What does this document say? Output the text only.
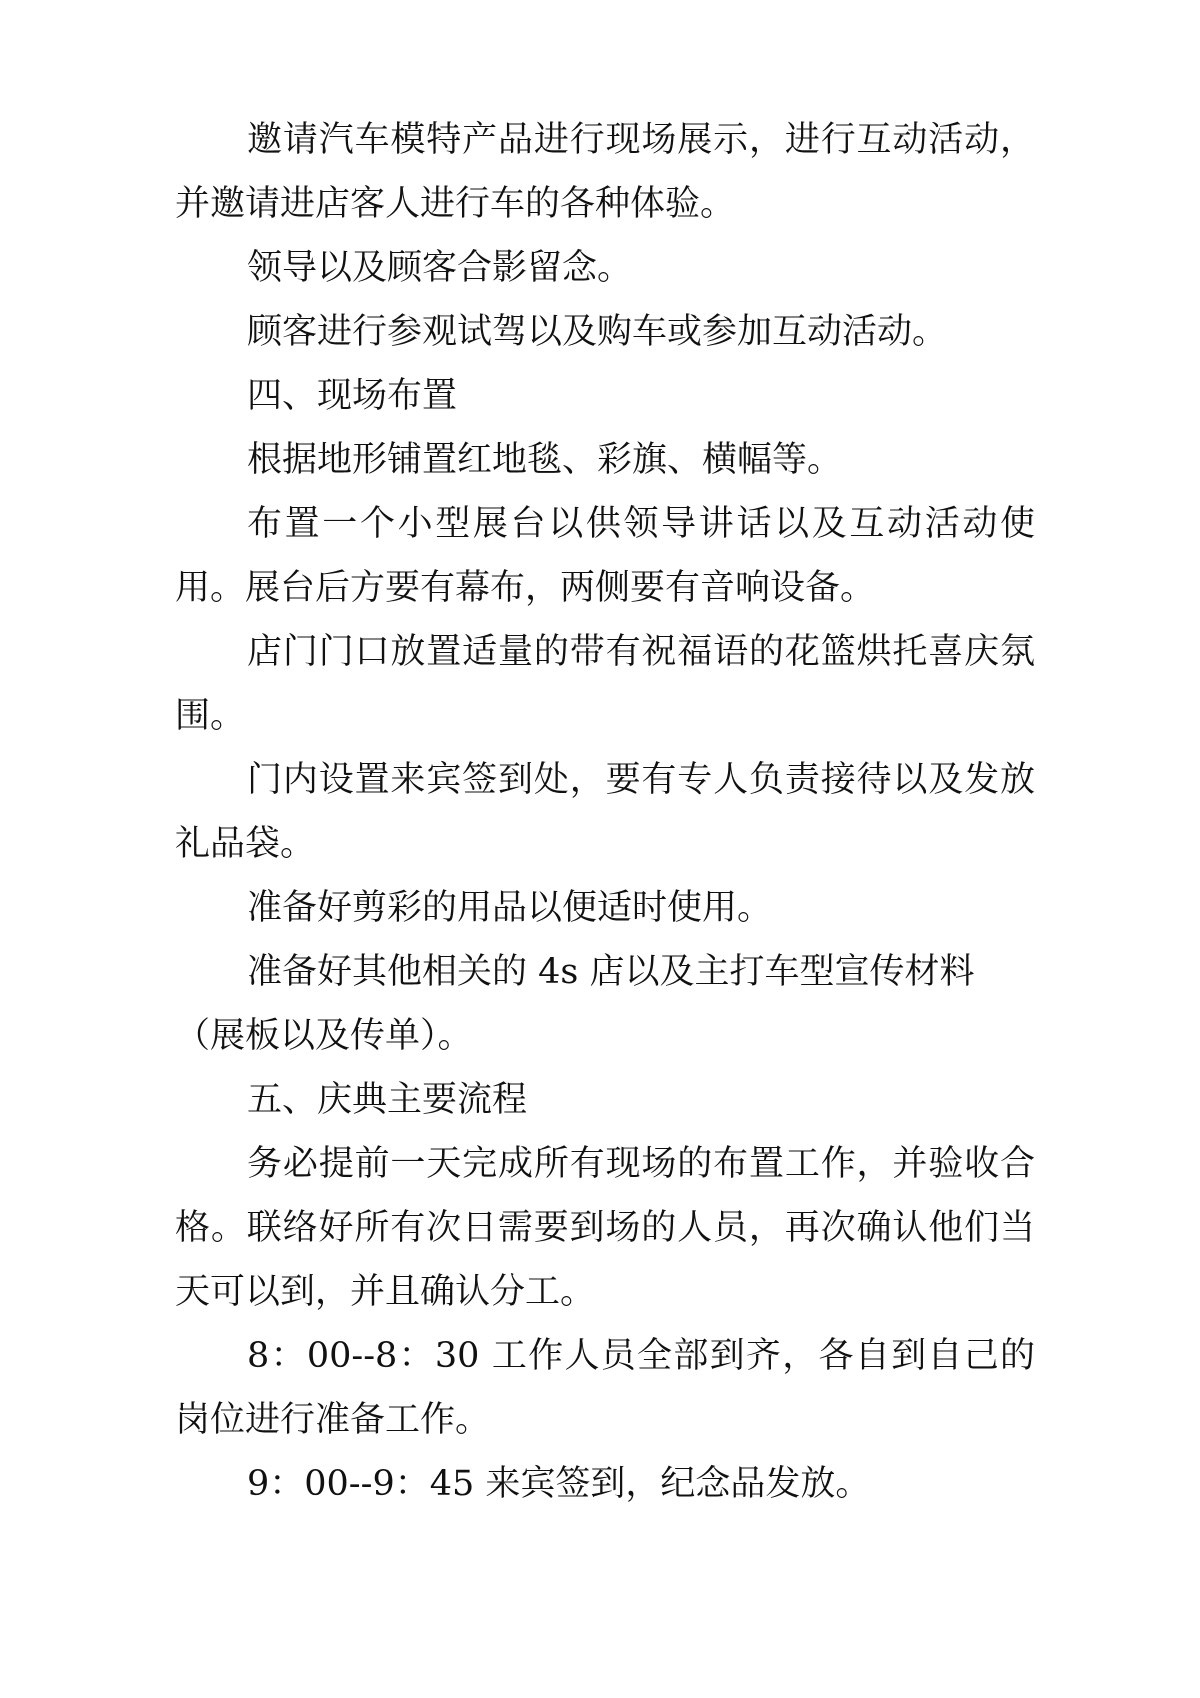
邀请汽车模特产品进行现场展示，进行互动活动，并邀请进店客人进行车的各种体验。

领导以及顾客合影留念。

顾客进行参观试驾以及购车或参加互动活动。

四、现场布置

根据地形铺置红地毯、彩旗、横幅等。

布置一个小型展台以供领导讲话以及互动活动使用。展台后方要有幕布，两侧要有音响设备。

店门门口放置适量的带有祝福语的花篮烘托喜庆氛围。

门内设置来宾签到处，要有专人负责接待以及发放礼品袋。

准备好剪彩的用品以便适时使用。

准备好其他相关的 4s 店以及主打车型宣传材料

（展板以及传单）。

五、庆典主要流程

务必提前一天完成所有现场的布置工作，并验收合格。联络好所有次日需要到场的人员，再次确认他们当天可以到，并且确认分工。

8：00--8：30 工作人员全部到齐，各自到自己的岗位进行准备工作。

9：00--9：45 来宾签到，纪念品发放。
